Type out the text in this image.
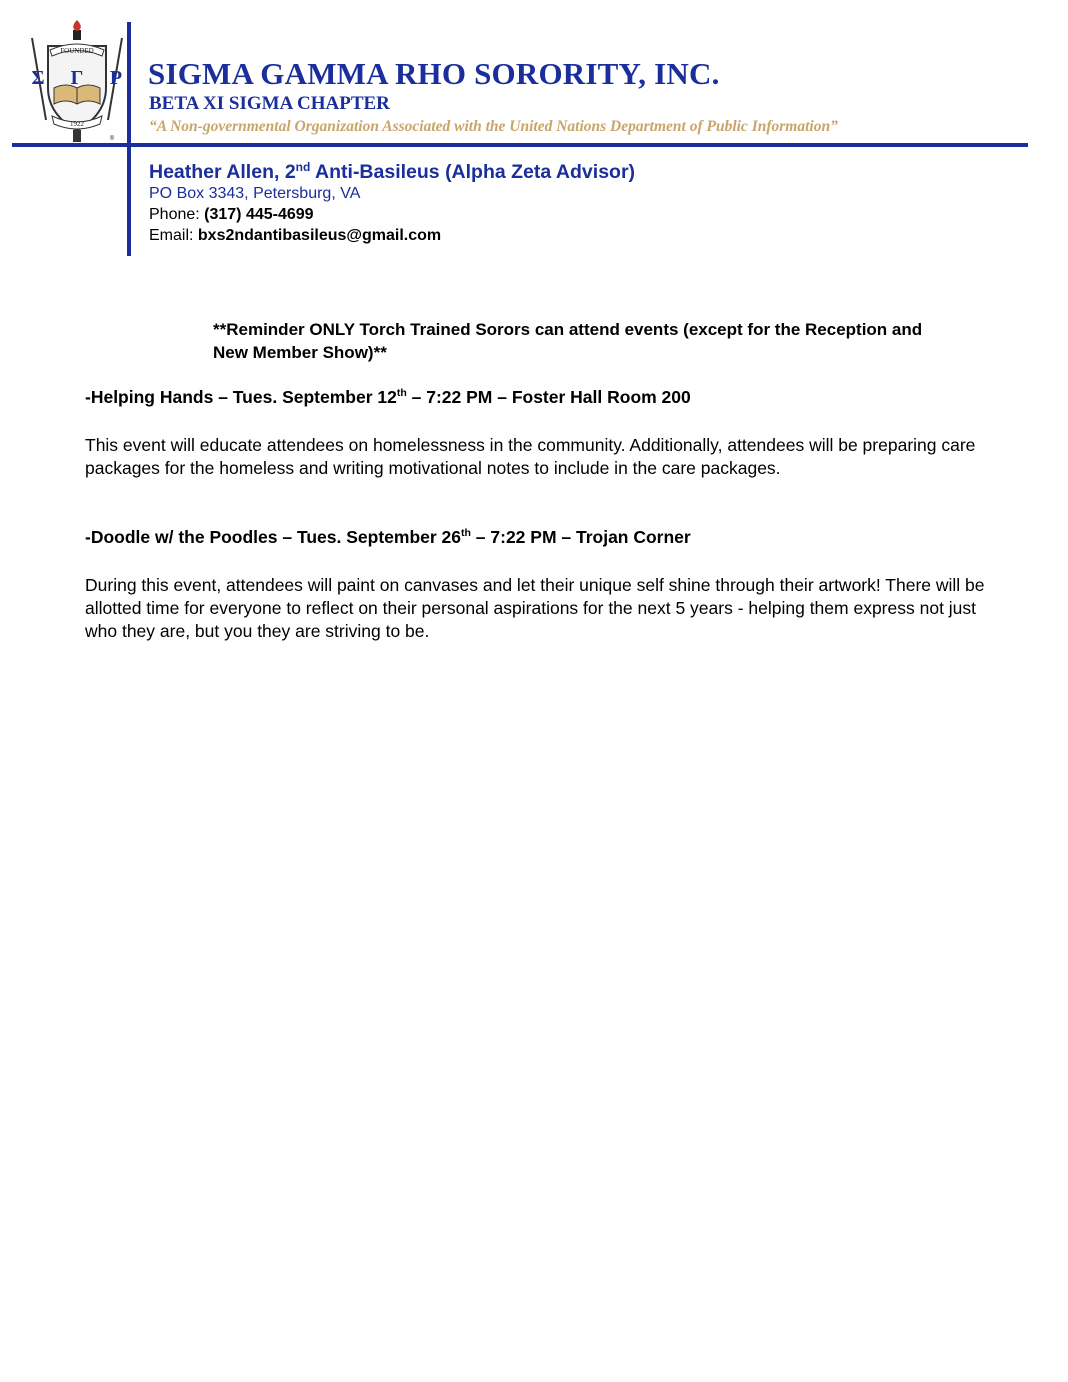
FOUNDED
Σ Γ Ρ
1922
®
SIGMA GAMMA RHO SORORITY, INC.
BETA XI SIGMA CHAPTER
“A Non-governmental Organization Associated with the United Nations Department of Public Information”
Heather Allen, 2nd Anti-Basileus (Alpha Zeta Advisor)
PO Box 3343, Petersburg, VA
Phone: (317) 445-4699
Email: bxs2ndantibasileus@gmail.com
**Reminder ONLY Torch Trained Sorors can attend events (except for the Reception and New Member Show)**
-Helping Hands – Tues. September 12th – 7:22 PM – Foster Hall Room 200
This event will educate attendees on homelessness in the community. Additionally, attendees will be preparing care packages for the homeless and writing motivational notes to include in the care packages.
-Doodle w/ the Poodles – Tues. September 26th – 7:22 PM – Trojan Corner
During this event, attendees will paint on canvases and let their unique self shine through their artwork! There will be allotted time for everyone to reflect on their personal aspirations for the next 5 years - helping them express not just who they are, but you they are striving to be.
